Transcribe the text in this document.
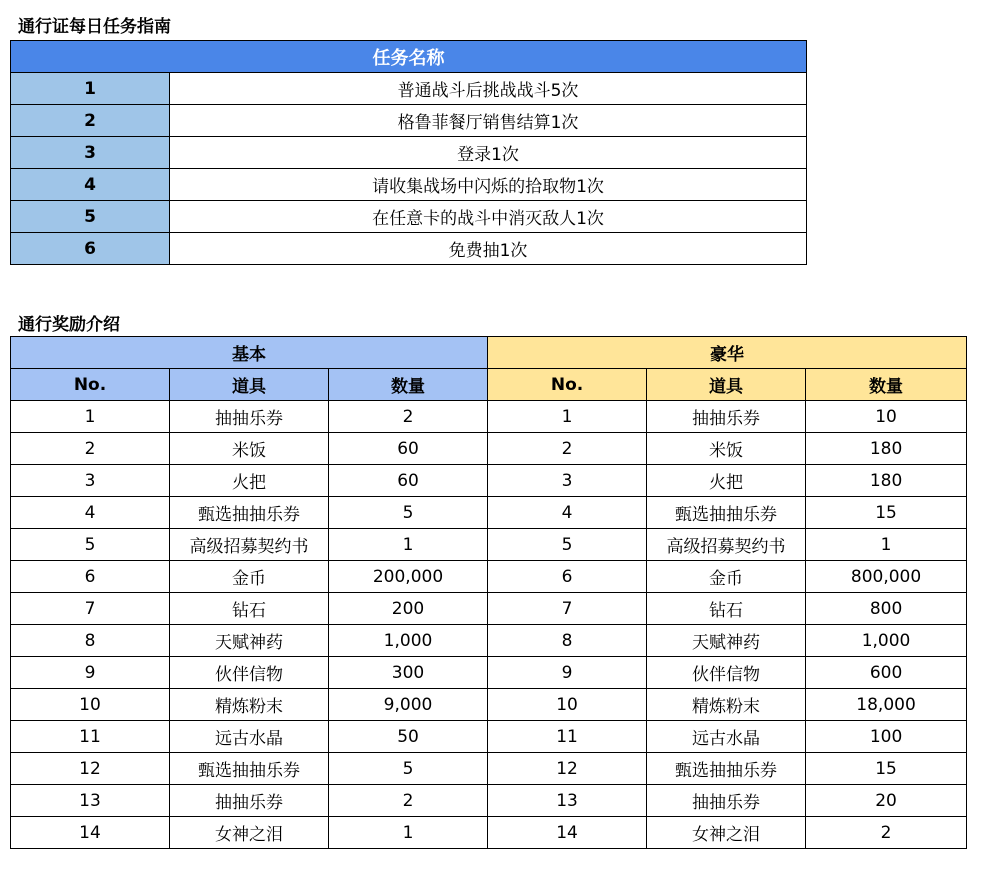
通行证每日任务指南
任务名称	
1	普通战斗后挑战战斗5次
2	格鲁菲餐厅销售结算1次
3	登录1次
4	请收集战场中闪烁的拾取物1次
5	在任意卡的战斗中消灭敌人1次
6	免费抽1次
通行奖励介绍
基本			豪华		
No.	道具	数量	No.	道具	数量
1	抽抽乐券	2	1	抽抽乐券	10
2	米饭	60	2	米饭	180
3	火把	60	3	火把	180
4	甄选抽抽乐券	5	4	甄选抽抽乐券	15
5	高级招募契约书	1	5	高级招募契约书	1
6	金币	200,000	6	金币	800,000
7	钻石	200	7	钻石	800
8	天赋神药	1,000	8	天赋神药	1,000
9	伙伴信物	300	9	伙伴信物	600
10	精炼粉末	9,000	10	精炼粉末	18,000
11	远古水晶	50	11	远古水晶	100
12	甄选抽抽乐券	5	12	甄选抽抽乐券	15
13	抽抽乐券	2	13	抽抽乐券	20
14	女神之泪	1	14	女神之泪	2
